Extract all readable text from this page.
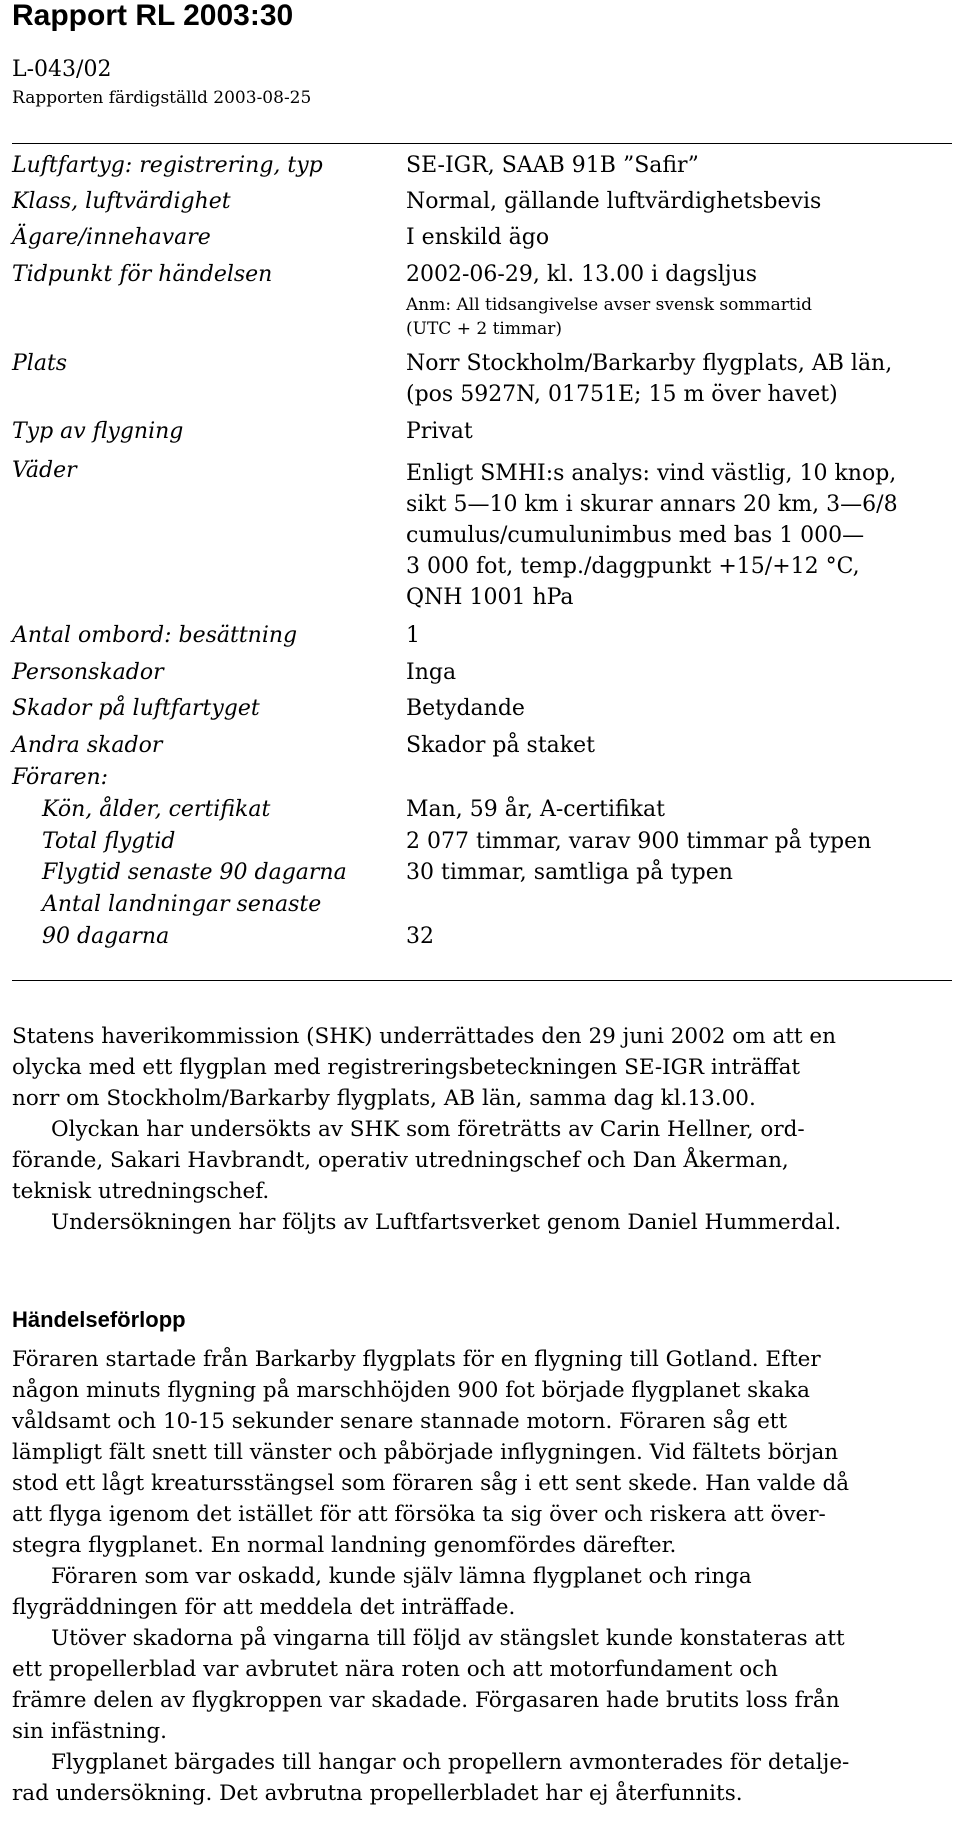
Rapport RL 2003:30
L-043/02
Rapporten färdigställd 2003-08-25
Luftfartyg: registrering, typ	SE-IGR, SAAB 91B ”Safir”
Klass, luftvärdighet	Normal, gällande luftvärdighetsbevis
Ägare/innehavare	I enskild ägo
Tidpunkt för händelsen	2002-06-29, kl. 13.00 i dagsljus
Anm: All tidsangivelse avser svensk sommartid
(UTC + 2 timmar)
Plats	Norr Stockholm/Barkarby flygplats, AB län,
(pos 5927N, 01751E; 15 m över havet)
Typ av flygning	Privat
Väder	Enligt SMHI:s analys: vind västlig, 10 knop,
sikt 5—10 km i skurar annars 20 km, 3—6/8
cumulus/cumulunimbus med bas 1 000—
3 000 fot, temp./daggpunkt +15/+12 °C,
QNH 1001 hPa
Antal ombord: besättning	1
Personskador	Inga
Skador på luftfartyget	Betydande
Andra skador	Skador på staket
Föraren:
Kön, ålder, certifikat	Man, 59 år, A-certifikat
Total flygtid	2 077 timmar, varav 900 timmar på typen
Flygtid senaste 90 dagarna	30 timmar, samtliga på typen
Antal landningar senaste
90 dagarna	32
Statens haverikommission (SHK) underrättades den 29 juni 2002 om att en
olycka med ett flygplan med registreringsbeteckningen SE-IGR inträffat
norr om Stockholm/Barkarby flygplats, AB län, samma dag kl.13.00.
Olyckan har undersökts av SHK som företrätts av Carin Hellner, ord-
förande, Sakari Havbrandt, operativ utredningschef och Dan Åkerman,
teknisk utredningschef.
Undersökningen har följts av Luftfartsverket genom Daniel Hummerdal.
Händelseförlopp
Föraren startade från Barkarby flygplats för en flygning till Gotland. Efter
någon minuts flygning på marschhöjden 900 fot började flygplanet skaka
våldsamt och 10-15 sekunder senare stannade motorn. Föraren såg ett
lämpligt fält snett till vänster och påbörjade inflygningen. Vid fältets början
stod ett lågt kreatursstängsel som föraren såg i ett sent skede. Han valde då
att flyga igenom det istället för att försöka ta sig över och riskera att över-
stegra flygplanet. En normal landning genomfördes därefter.
Föraren som var oskadd, kunde själv lämna flygplanet och ringa
flygräddningen för att meddela det inträffade.
Utöver skadorna på vingarna till följd av stängslet kunde konstateras att
ett propellerblad var avbrutet nära roten och att motorfundament och
främre delen av flygkroppen var skadade. Förgasaren hade brutits loss från
sin infästning.
Flygplanet bärgades till hangar och propellern avmonterades för detalje-
rad undersökning. Det avbrutna propellerbladet har ej återfunnits.
